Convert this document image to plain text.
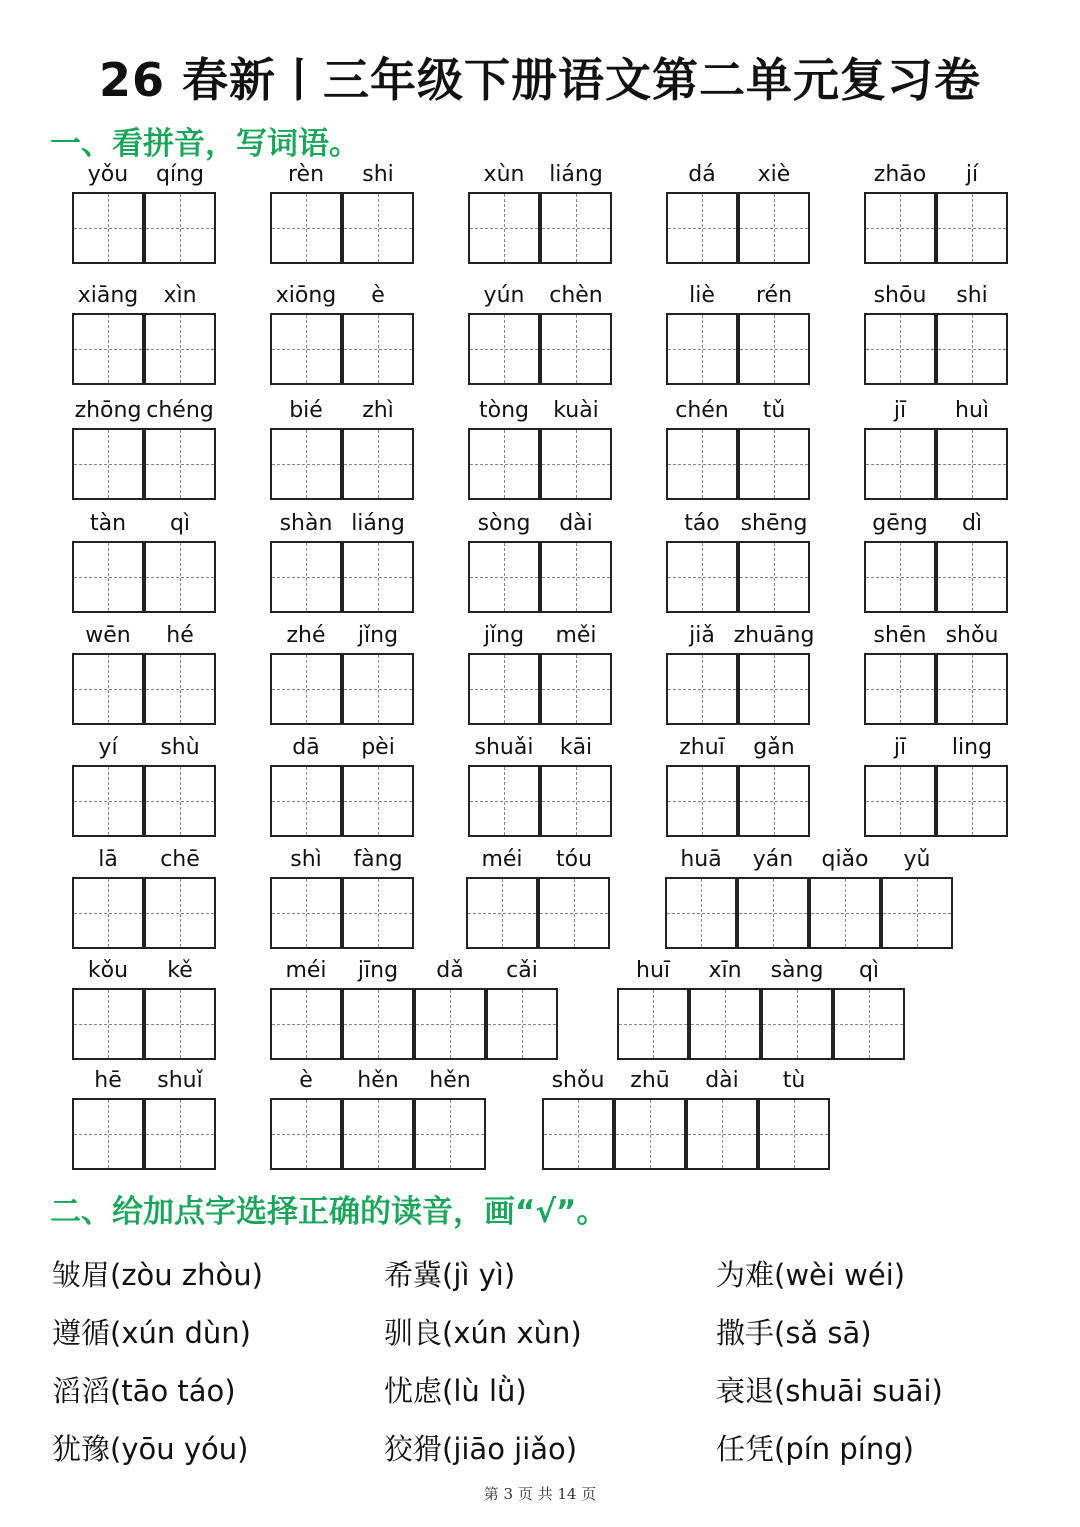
26 春新丨三年级下册语文第二单元复习卷
一、看拼音，写词语。
yǒu	qíng	rèn	shi	xùn	liáng	dá	xiè	zhāo	jí
xiāng	xìn	xiōng	è	yún	chèn	liè	rén	shōu	shi
zhōng chéng	bié	zhì	tòng	kuài	chén	tǔ	jī	huì
tàn	qì	shàn liáng	sòng	dài	táo shēng	gēng	dì
wēn	hé	zhé	jǐng	jǐng	měi	jiǎ zhuāng	shēn shǒu
yí	shù	dā	pèi	shuǎi	kāi	zhuī	gǎn	jī	ling
lā	chē	shì	fàng	méi	tóu	huā	yán	qiǎo	yǔ
kǒu	kě	méi	jīng	dǎ	cǎi	huī	xīn	sàng	qì
hē	shuǐ	è	hěn	hěn	shǒu	zhū	dài	tù
二、给加点字选择正确的读音，画“√”。
皱眉(zòu zhòu)	希冀(jì yì)	为难(wèi wéi)
遵循(xún dùn)	驯良(xún xùn)	撒手(sǎ sā)
滔滔(tāo táo)	忧虑(lù lǜ)	衰退(shuāi suāi)
犹豫(yōu yóu)	狡猾(jiāo jiǎo)	任凭(pín píng)
第 3 页 共 14 页
